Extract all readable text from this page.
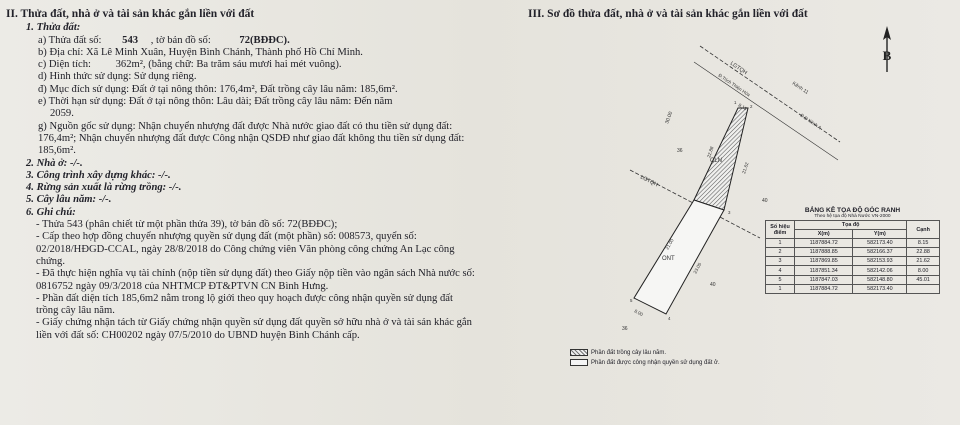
II. Thửa đất, nhà ở và tài sản khác gắn liền với đất
1. Thửa đất:
a) Thửa đất số: 543 , tờ bản đồ số:	72(BĐĐC).
b) Địa chỉ: Xã Lê Minh Xuân, Huyện Bình Chánh, Thành phố Hồ Chí Minh.
c) Diện tích: 362m², (bằng chữ: Ba trăm sáu mươi hai mét vuông).
d) Hình thức sử dụng: Sử dụng riêng.
đ) Mục đích sử dụng: Đất ở tại nông thôn: 176,4m², Đất trồng cây lâu năm: 185,6m².
e) Thời hạn sử dụng: Đất ở tại nông thôn: Lâu dài; Đất trồng cây lâu năm: Đến năm
2059.
g) Nguồn gốc sử dụng: Nhận chuyển nhượng đất được Nhà nước giao đất có thu tiền sử dụng đất: 176,4m²; Nhận chuyển nhượng đất được Công nhận QSDĐ như giao đất không thu tiền sử dụng đất: 185,6m².
2. Nhà ở: -/-.
3. Công trình xây dựng khác: -/-.
4. Rừng sản xuất là rừng trồng: -/-.
5. Cây lâu năm: -/-.
6. Ghi chú:
- Thửa 543 (phân chiết từ một phần thửa 39), tờ bản đồ số: 72(BĐĐC);
- Cấp theo hợp đồng chuyển nhượng quyền sử dụng đất (một phần) số: 008573, quyển số: 02/2018/HĐGD-CCAL, ngày 28/8/2018 do Công chứng viên Văn phòng công chứng An Lạc công chứng.
- Đã thực hiện nghĩa vụ tài chính (nộp tiền sử dụng đất) theo Giấy nộp tiền vào ngân sách Nhà nước số: 0816752 ngày 09/3/2018 của NHTMCP ĐT&PTVN CN Bình Hưng.
- Phần đất diện tích 185,6m2 nằm trong lộ giới theo quy hoạch được công nhận quyền sử dụng đất trồng cây lâu năm.
- Giấy chứng nhận tách từ Giấy chứng nhận quyền sử dụng đất quyền sở hữu nhà ở và tài sản khác gắn liền với đất số: CH00202 ngày 07/5/2010 do UBND huyện Bình Chánh cấp.
III. Sơ đồ thửa đất, nhà ở và tài sản khác gắn liền với đất
B
LGTQH
Kênh 11
Đ.Trịch Thiện Hòa
Đ.Đ Kênh A
LGTQH
CLN
ONT
36
36
40
40
30.00
8.15
22.88
21.62
21.00
23.05
8.00
1
2
3
4
5
BẢNG KÊ TỌA ĐỘ GÓC RANH
Theo hệ tọa độ Nhà Nước VN-2000
Số hiệu điểm	Tọa độ		Cạnh
	X(m)	Y(m)	
1	1187884.72	582173.40	8.15
2	1187888.85	582166.37	22.88
3	1187869.85	582153.93	21.62
4	1187851.34	582142.06	8.00
5	1187847.03	582148.80	45.01
1	1187884.72	582173.40	
Phần đất trồng cây lâu năm.
Phần đất được công nhận quyền sử dụng đất ở.
